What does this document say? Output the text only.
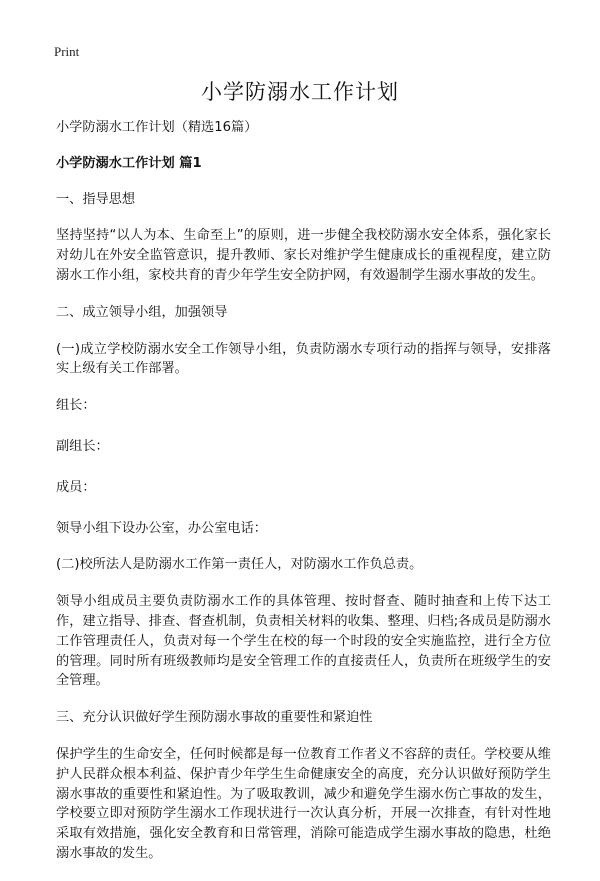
Print
小学防溺水工作计划

小学防溺水工作计划（精选16篇）

小学防溺水工作计划 篇1

一、指导思想

坚持坚持“以人为本、生命至上”的原则，进一步健全我校防溺水安全体系，强化家长对幼儿在外安全监管意识，提升教师、家长对维护学生健康成长的重视程度，建立防溺水工作小组，家校共育的青少年学生安全防护网，有效遏制学生溺水事故的发生。

二、成立领导小组，加强领导

(一)成立学校防溺水安全工作领导小组，负责防溺水专项行动的指挥与领导，安排落实上级有关工作部署。

组长：

副组长：

成员：

领导小组下设办公室，办公室电话：

(二)校所法人是防溺水工作第一责任人，对防溺水工作负总责。

领导小组成员主要负责防溺水工作的具体管理、按时督查、随时抽查和上传下达工作，建立指导、排查、督查机制，负责相关材料的收集、整理、归档;各成员是防溺水工作管理责任人，负责对每一个学生在校的每一个时段的安全实施监控，进行全方位的管理。同时所有班级教师均是安全管理工作的直接责任人，负责所在班级学生的安全管理。

三、充分认识做好学生预防溺水事故的重要性和紧迫性

保护学生的生命安全，任何时候都是每一位教育工作者义不容辞的责任。学校要从维护人民群众根本利益、保护青少年学生生命健康安全的高度，充分认识做好预防学生溺水事故的重要性和紧迫性。为了吸取教训，减少和避免学生溺水伤亡事故的发生，学校要立即对预防学生溺水工作现状进行一次认真分析，开展一次排查，有针对性地采取有效措施，强化安全教育和日常管理，消除可能造成学生溺水事故的隐患，杜绝溺水事故的发生。
